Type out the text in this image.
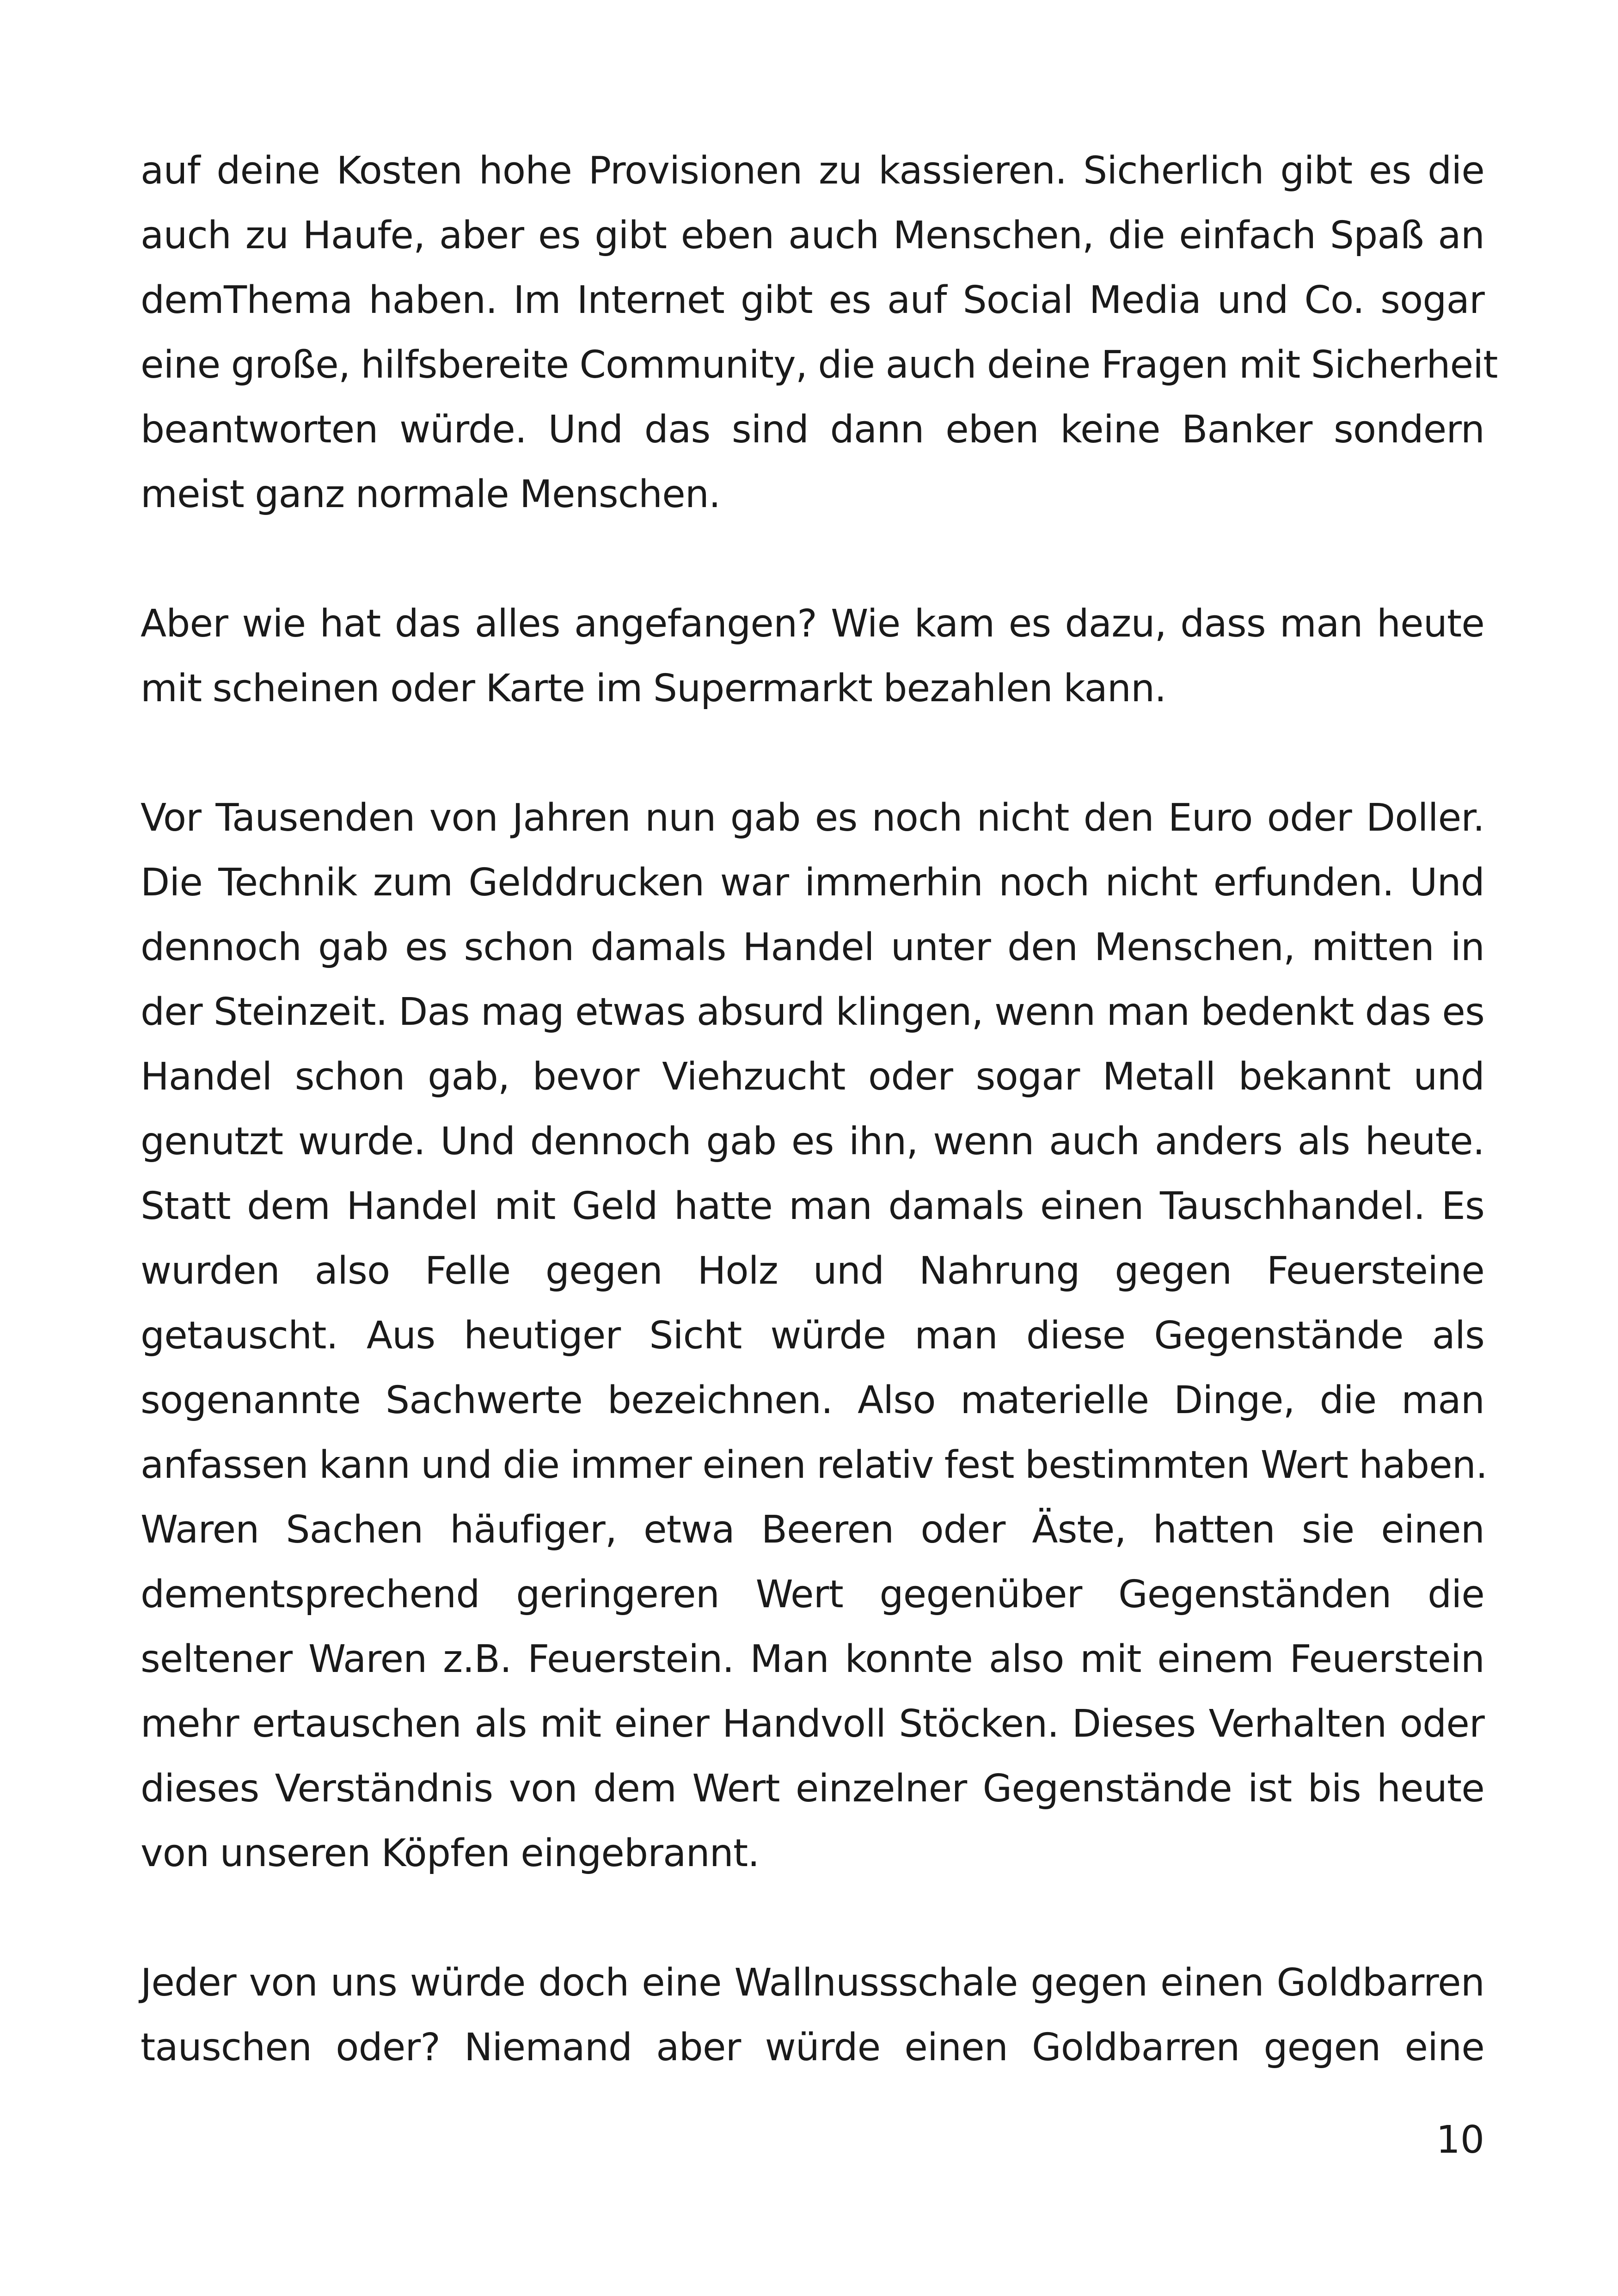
auf deine Kosten hohe Provisionen zu kassieren. Sicherlich gibt es die
auch zu Haufe, aber es gibt eben auch Menschen, die einfach Spaß an
demThema haben. Im Internet gibt es auf Social Media und Co. sogar
eine große, hilfsbereite Community, die auch deine Fragen mit Sicherheit
beantworten würde. Und das sind dann eben keine Banker sondern
meist ganz normale Menschen.
Aber wie hat das alles angefangen? Wie kam es dazu, dass man heute
mit scheinen oder Karte im Supermarkt bezahlen kann.
Vor Tausenden von Jahren nun gab es noch nicht den Euro oder Doller.
Die Technik zum Gelddrucken war immerhin noch nicht erfunden. Und
dennoch gab es schon damals Handel unter den Menschen, mitten in
der Steinzeit. Das mag etwas absurd klingen, wenn man bedenkt das es
Handel schon gab, bevor Viehzucht oder sogar Metall bekannt und
genutzt wurde. Und dennoch gab es ihn, wenn auch anders als heute.
Statt dem Handel mit Geld hatte man damals einen Tauschhandel. Es
wurden also Felle gegen Holz und Nahrung gegen Feuersteine
getauscht. Aus heutiger Sicht würde man diese Gegenstände als
sogenannte Sachwerte bezeichnen. Also materielle Dinge, die man
anfassen kann und die immer einen relativ fest bestimmten Wert haben.
Waren Sachen häufiger, etwa Beeren oder Äste, hatten sie einen
dementsprechend geringeren Wert gegenüber Gegenständen die
seltener Waren z.B. Feuerstein. Man konnte also mit einem Feuerstein
mehr ertauschen als mit einer Handvoll Stöcken. Dieses Verhalten oder
dieses Verständnis von dem Wert einzelner Gegenstände ist bis heute
von unseren Köpfen eingebrannt.
Jeder von uns würde doch eine Wallnussschale gegen einen Goldbarren
tauschen oder? Niemand aber würde einen Goldbarren gegen eine
10
